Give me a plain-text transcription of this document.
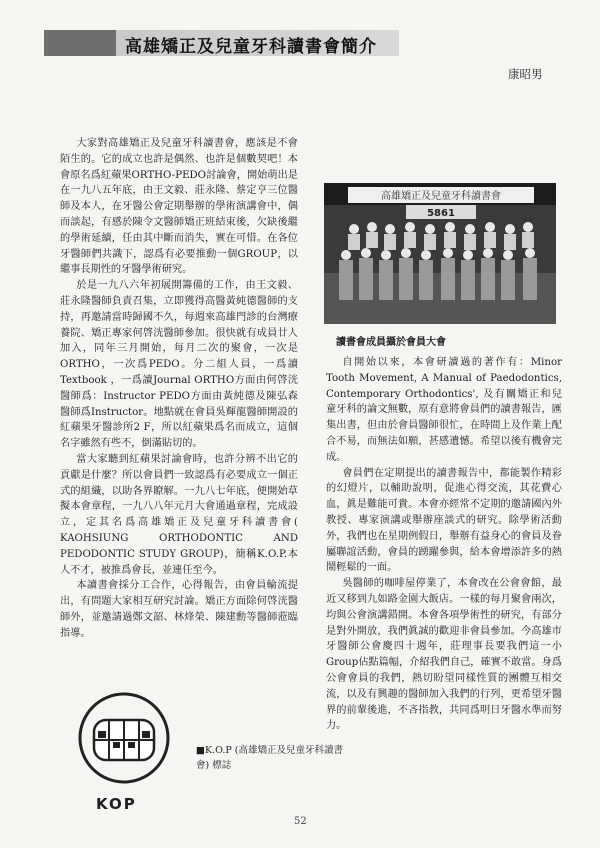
高雄矯正及兒童牙科讀書會簡介
康昭男

大家對高雄矯正及兒童牙科讀書會，應該是不會陌生的。它的成立也許是偶然、也許是個數契吧！本會原名爲紅蘋果ORTHO-PEDO討論會，開始萌出是在一九八五年底，由王文毅、莊永隆、蔡定亨三位醫師及本人，在牙醫公會定期舉辦的學術演講會中，偶而談起，有感於陳令文醫師矯正班結束後，欠缺後繼的學術延續，任由其中斷而消失，實在可惜。在各位牙醫師們共識下，認爲有必要推動一個GROUP，以繼事長期性的牙醫學術研究。

於是一九八六年初展開籌備的工作，由王文毅、莊永隆醫師負責召集，立即獲得高醫黃純德醫師的支持，再邀請當時歸國不久，每週來高雄門診的台灣療養院、矯正專家何啓洸醫師參加。很快就有成員廿人加入，同年三月開始，每月二次的聚會，一次是ORTHO，一次爲PEDO。分二組人員，一爲讀Textbook ，一爲讀Journal ORTHO方面由何啓洸醫師爲：Instructor PEDO方面由黃純德及陳弘森醫師爲Instructor。地點就在會員吳輝龍醫師開設的紅蘋果牙醫診所2 F，所以紅蘋果爲名而成立，這個名字雖然有些不，倒滿貼切的。

當大家聽到紅蘋果討論會時，也許分辨不出它的貢獻是什麼？所以會員們一致認爲有必要成立一個正式的組織，以助各界瞭解。一九八七年底，便開始草擬本會章程，一九八八年元月大會通過章程，完成設立，定其名爲高雄矯正及兒童牙科讀書會( KAOHSIUNG ORTHODONTIC AND PEDODONTIC STUDY GROUP)，簡稱K.O.P.本人不才，被推爲會長，並連任至今。

本讀書會採分工合作，心得報告，由會員輪流提出，有問題大家相互研究討論。矯正方面除何啓洸醫師外，並邀請過鄭文韶、林烽榮、陳建勳等醫師蒞臨指導。

高雄矯正及兒童牙科讀書會
5861
讀書會成員攝於會員大會

自開始以來，本會研讀過的著作有：Minor Tooth Movement, A Manual of Paedodontics, Contemporary Orthodontics', 及有關矯正和兒童牙科的論文無數，原有意將會員們的讀書報告，匯集出書，但由於會員醫師很忙，在時間上及作業上配合不易，而無法如願，甚感遺憾。希望以後有機會完成。

會員們在定期提出的讀書報告中，都能製作精彩的幻燈片，以輔助說明，促進心得交流，其花費心血，眞是難能可貴。本會亦經常不定期的邀請國內外教授、專家演講或舉辦座談式的研究。除學術活動外，我們也在星期例假日，舉辦有益身心的會員及眷屬聯誼活動，會員的踴躍參與，給本會增添許多的熱鬧輕鬆的一面。

吳醫師的咖啡屋停業了，本會改在公會會館，最近又移到九如路金園大飯店。一樣的每月聚會兩次，均與公會演講錯開。本會各項學術性的研究，有部分是對外開放，我們眞誠的歡迎非會員參加。今高雄市牙醫師公會慶四十週年，莊理事長要我們這一小Group佔點篇幅，介紹我們自己，確實不敢當。身爲公會會員的我們，熱切盼望同樣性質的團體互相交流，以及有興趣的醫師加入我們的行列，更希望牙醫界的前輩後進，不吝指教，共同爲明日牙醫水準而努力。

KOP
■K.O.P (高雄矯正及兒童牙科讀書會) 標誌
52
